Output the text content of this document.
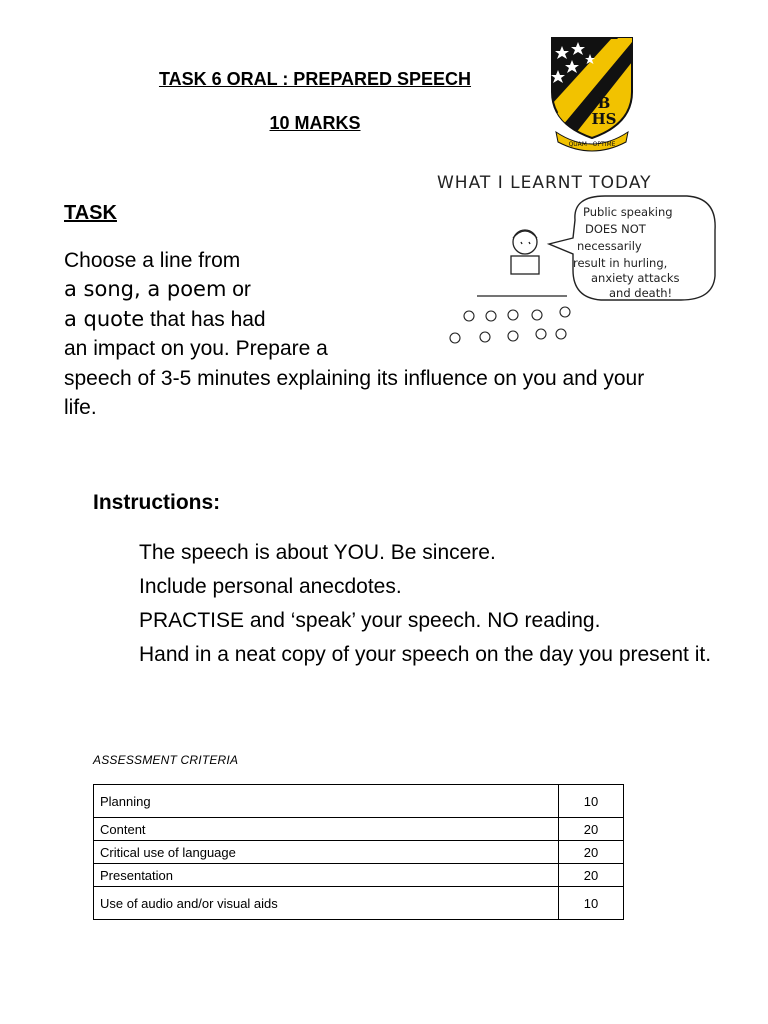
TASK 6 ORAL : PREPARED SPEECH
10 MARKS
B
HS
QUAM · OPTIME
WHAT I LEARNT TODAY
Public speaking
DOES NOT
necessarily
result in hurling,
anxiety attacks
and death!
TASK
Choose a line from
a song, a poem or
a quote that has had
an impact on you. Prepare a
speech of 3-5 minutes explaining its influence on you and your
life.
Instructions:
The speech is about YOU. Be sincere.
Include personal anecdotes.
PRACTISE and ‘speak’ your speech. NO reading.
Hand in a neat copy of your speech on the day you present it.
ASSESSMENT CRITERIA
Planning	10
Content	20
Critical use of language	20
Presentation	20
Use of audio and/or visual aids	10
